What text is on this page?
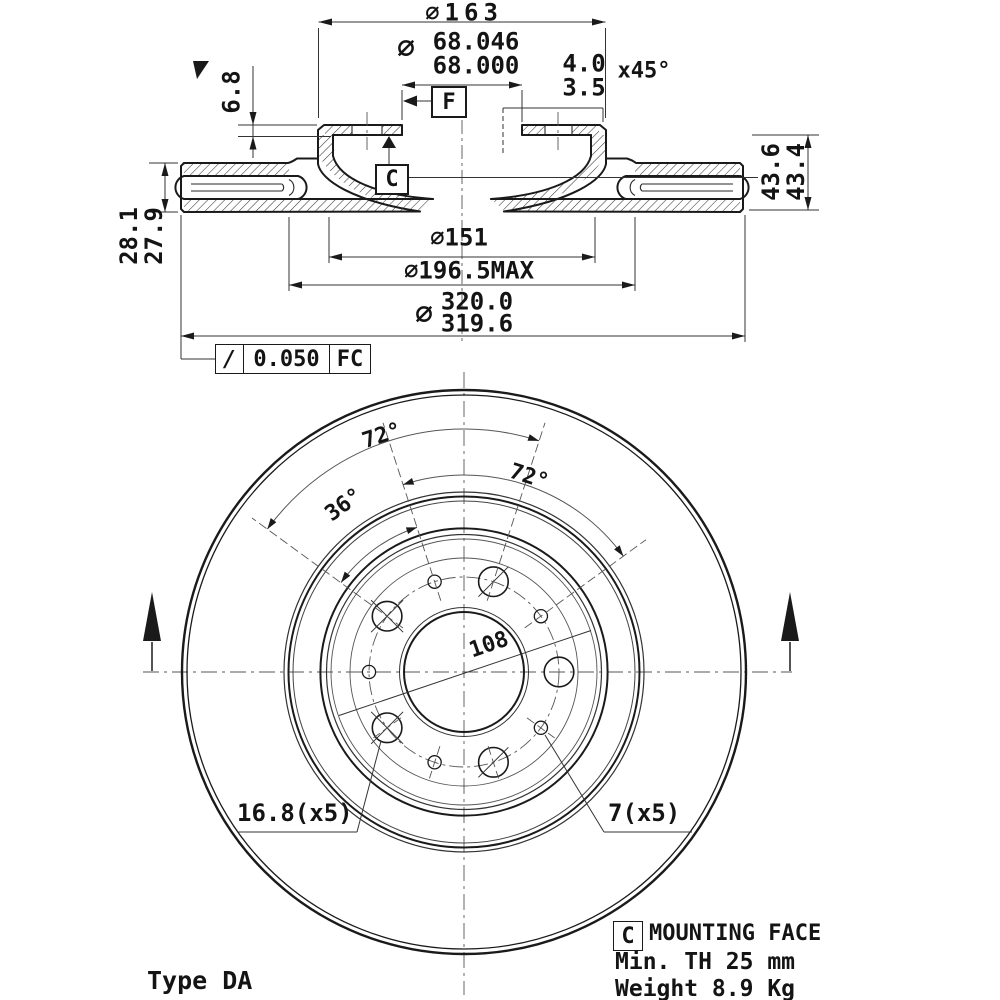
∅163
∅ 68.046
68.000 4.0
3.5
x45°
6.8	F
C
∅151
∅196.5MAX
∅ 320.0
319.6
28.1
27.9
43.6
43.4
/ 0.050 FC
72°
72°
36°
108
16.8(x5)	7(x5)
C MOUNTING FACE
Min. TH 25 mm
Weight 8.9 Kg
Type DA
